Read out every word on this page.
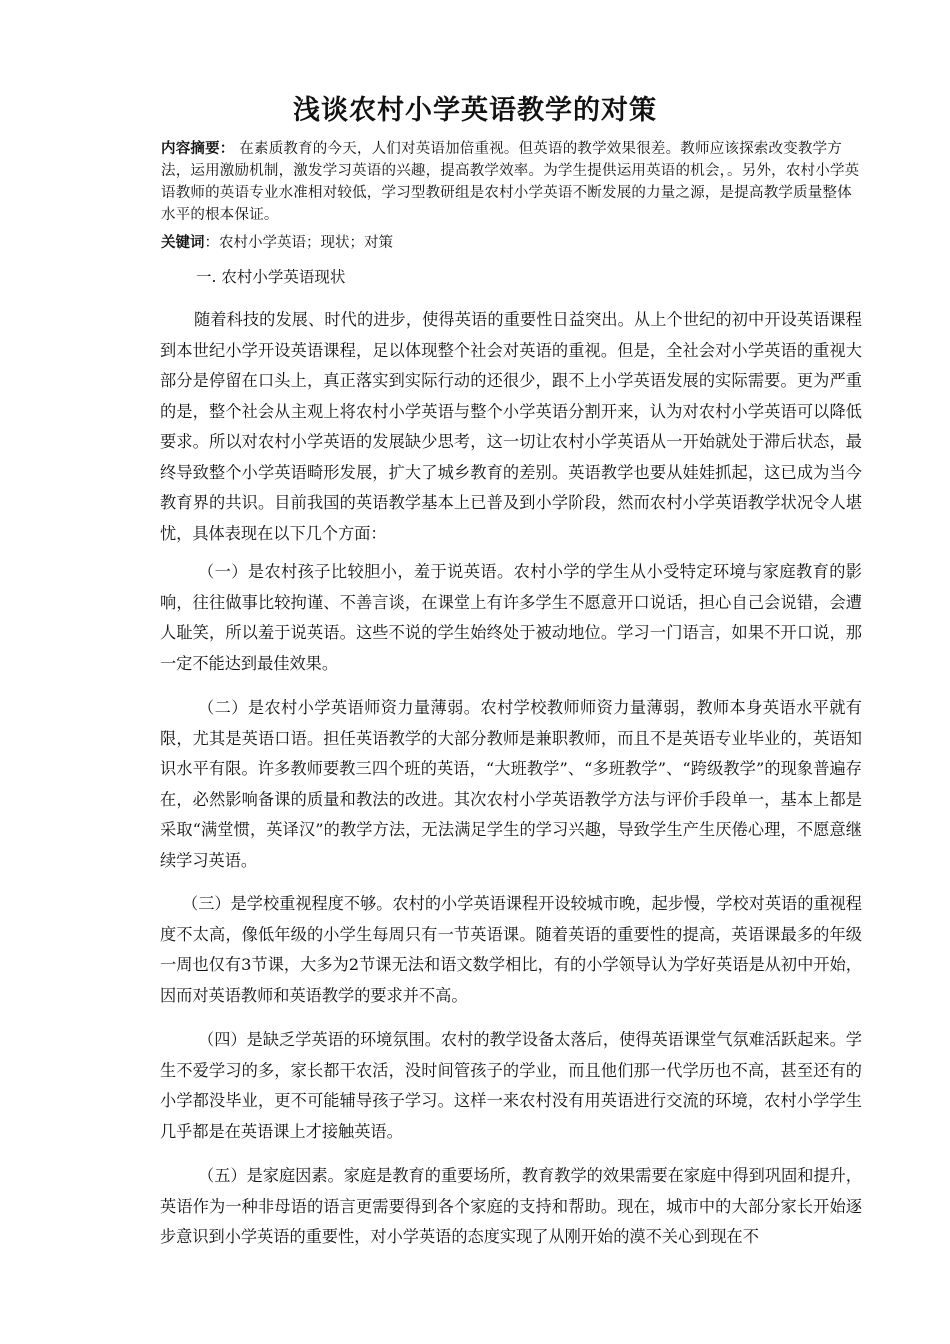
浅谈农村小学英语教学的对策
内容摘要： 在素质教育的今天，人们对英语加倍重视。但英语的教学效果很差。教师应该探索改变教学方法，运用激励机制，激发学习英语的兴趣，提高教学效率。为学生提供运用英语的机会，。另外，农村小学英语教师的英语专业水准相对较低，学习型教研组是农村小学英语不断发展的力量之源，是提高教学质量整体水平的根本保证。
关键词：农村小学英语；现状；对策
一. 农村小学英语现状
随着科技的发展、时代的进步，使得英语的重要性日益突出。从上个世纪的初中开设英语课程到本世纪小学开设英语课程，足以体现整个社会对英语的重视。但是，全社会对小学英语的重视大部分是停留在口头上，真正落实到实际行动的还很少，跟不上小学英语发展的实际需要。更为严重的是，整个社会从主观上将农村小学英语与整个小学英语分割开来，认为对农村小学英语可以降低要求。所以对农村小学英语的发展缺少思考，这一切让农村小学英语从一开始就处于滞后状态，最终导致整个小学英语畸形发展，扩大了城乡教育的差别。英语教学也要从娃娃抓起，这已成为当今教育界的共识。目前我国的英语教学基本上已普及到小学阶段，然而农村小学英语教学状况令人堪忧，具体表现在以下几个方面：
（一）是农村孩子比较胆小，羞于说英语。农村小学的学生从小受特定环境与家庭教育的影响，往往做事比较拘谨、不善言谈，在课堂上有许多学生不愿意开口说话，担心自己会说错，会遭人耻笑，所以羞于说英语。这些不说的学生始终处于被动地位。学习一门语言，如果不开口说，那一定不能达到最佳效果。
（二）是农村小学英语师资力量薄弱。农村学校教师师资力量薄弱，教师本身英语水平就有限，尤其是英语口语。担任英语教学的大部分教师是兼职教师，而且不是英语专业毕业的，英语知识水平有限。许多教师要教三四个班的英语，“大班教学”、“多班教学”、“跨级教学”的现象普遍存在，必然影响备课的质量和教法的改进。其次农村小学英语教学方法与评价手段单一，基本上都是采取“满堂惯，英译汉”的教学方法，无法满足学生的学习兴趣，导致学生产生厌倦心理，不愿意继续学习英语。
（三）是学校重视程度不够。农村的小学英语课程开设较城市晚，起步慢，学校对英语的重视程度不太高，像低年级的小学生每周只有一节英语课。随着英语的重要性的提高，英语课最多的年级一周也仅有3节课，大多为2节课无法和语文数学相比，有的小学领导认为学好英语是从初中开始，因而对英语教师和英语教学的要求并不高。
（四）是缺乏学英语的环境氛围。农村的教学设备太落后，使得英语课堂气氛难活跃起来。学生不爱学习的多，家长都干农活，没时间管孩子的学业，而且他们那一代学历也不高，甚至还有的小学都没毕业，更不可能辅导孩子学习。这样一来农村没有用英语进行交流的环境，农村小学学生几乎都是在英语课上才接触英语。
（五）是家庭因素。家庭是教育的重要场所，教育教学的效果需要在家庭中得到巩固和提升，英语作为一种非母语的语言更需要得到各个家庭的支持和帮助。现在，城市中的大部分家长开始逐步意识到小学英语的重要性，对小学英语的态度实现了从刚开始的漠不关心到现在不
